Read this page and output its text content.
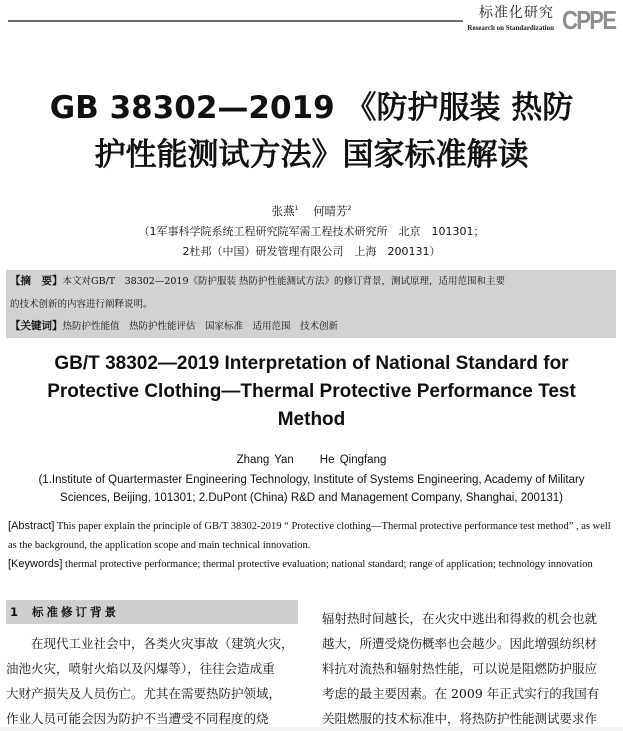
标准化研究
Research on Standardization CPPE
GB 38302—2019 《防护服装 热防
护性能测试方法》国家标准解读
张燕$^1$ 何晴芳$^2$
（1军事科学院系统工程研究院军需工程技术研究所　北京　101301；
2杜邦（中国）研发管理有限公司　上海　200131）
【摘　要】本文对GB/T　38302—2019《防护服装 热防护性能测试方法》的修订背景，测试原理，适用范围和主要
的技术创新的内容进行阐释说明。
【关键词】热防护性能值　热防护性能评估　国家标准　适用范围　技术创新
GB/T 38302—2019 Interpretation of National Standard for
Protective Clothing—Thermal Protective Performance Test
Method
Zhang Yan     He Qingfang
(1.Institute of Quartermaster Engineering Technology, Institute of Systems Engineering, Academy of Military
Sciences, Beijing, 101301; 2.DuPont (China) R&D and Management Company, Shanghai, 200131)
[Abstract] This paper explain the principle of GB/T 38302-2019 “ Protective clothing—Thermal protective performance test method” , as well as the background, the application scope and main technical innovation.
[Keywords] thermal protective performance; thermal protective evaluation; national standard; range of application; technology innovation
1 标准修订背景
　　在现代工业社会中，各类火灾事故（建筑火灾，
油池火灾，喷射火焰以及闪爆等），往往会造成重
大财产损失及人员伤亡。尤其在需要热防护领域，
作业人员可能会因为防护不当遭受不同程度的烧
辐射热时间越长，在火灾中逃出和得救的机会也就
越大，所遭受烧伤概率也会越少。因此增强纺织材
料抗对流热和辐射热性能，可以说是阻燃防护服应
考虑的最主要因素。在 2009 年正式实行的我国有
关阻燃服的技术标准中，将热防护性能测试要求作
